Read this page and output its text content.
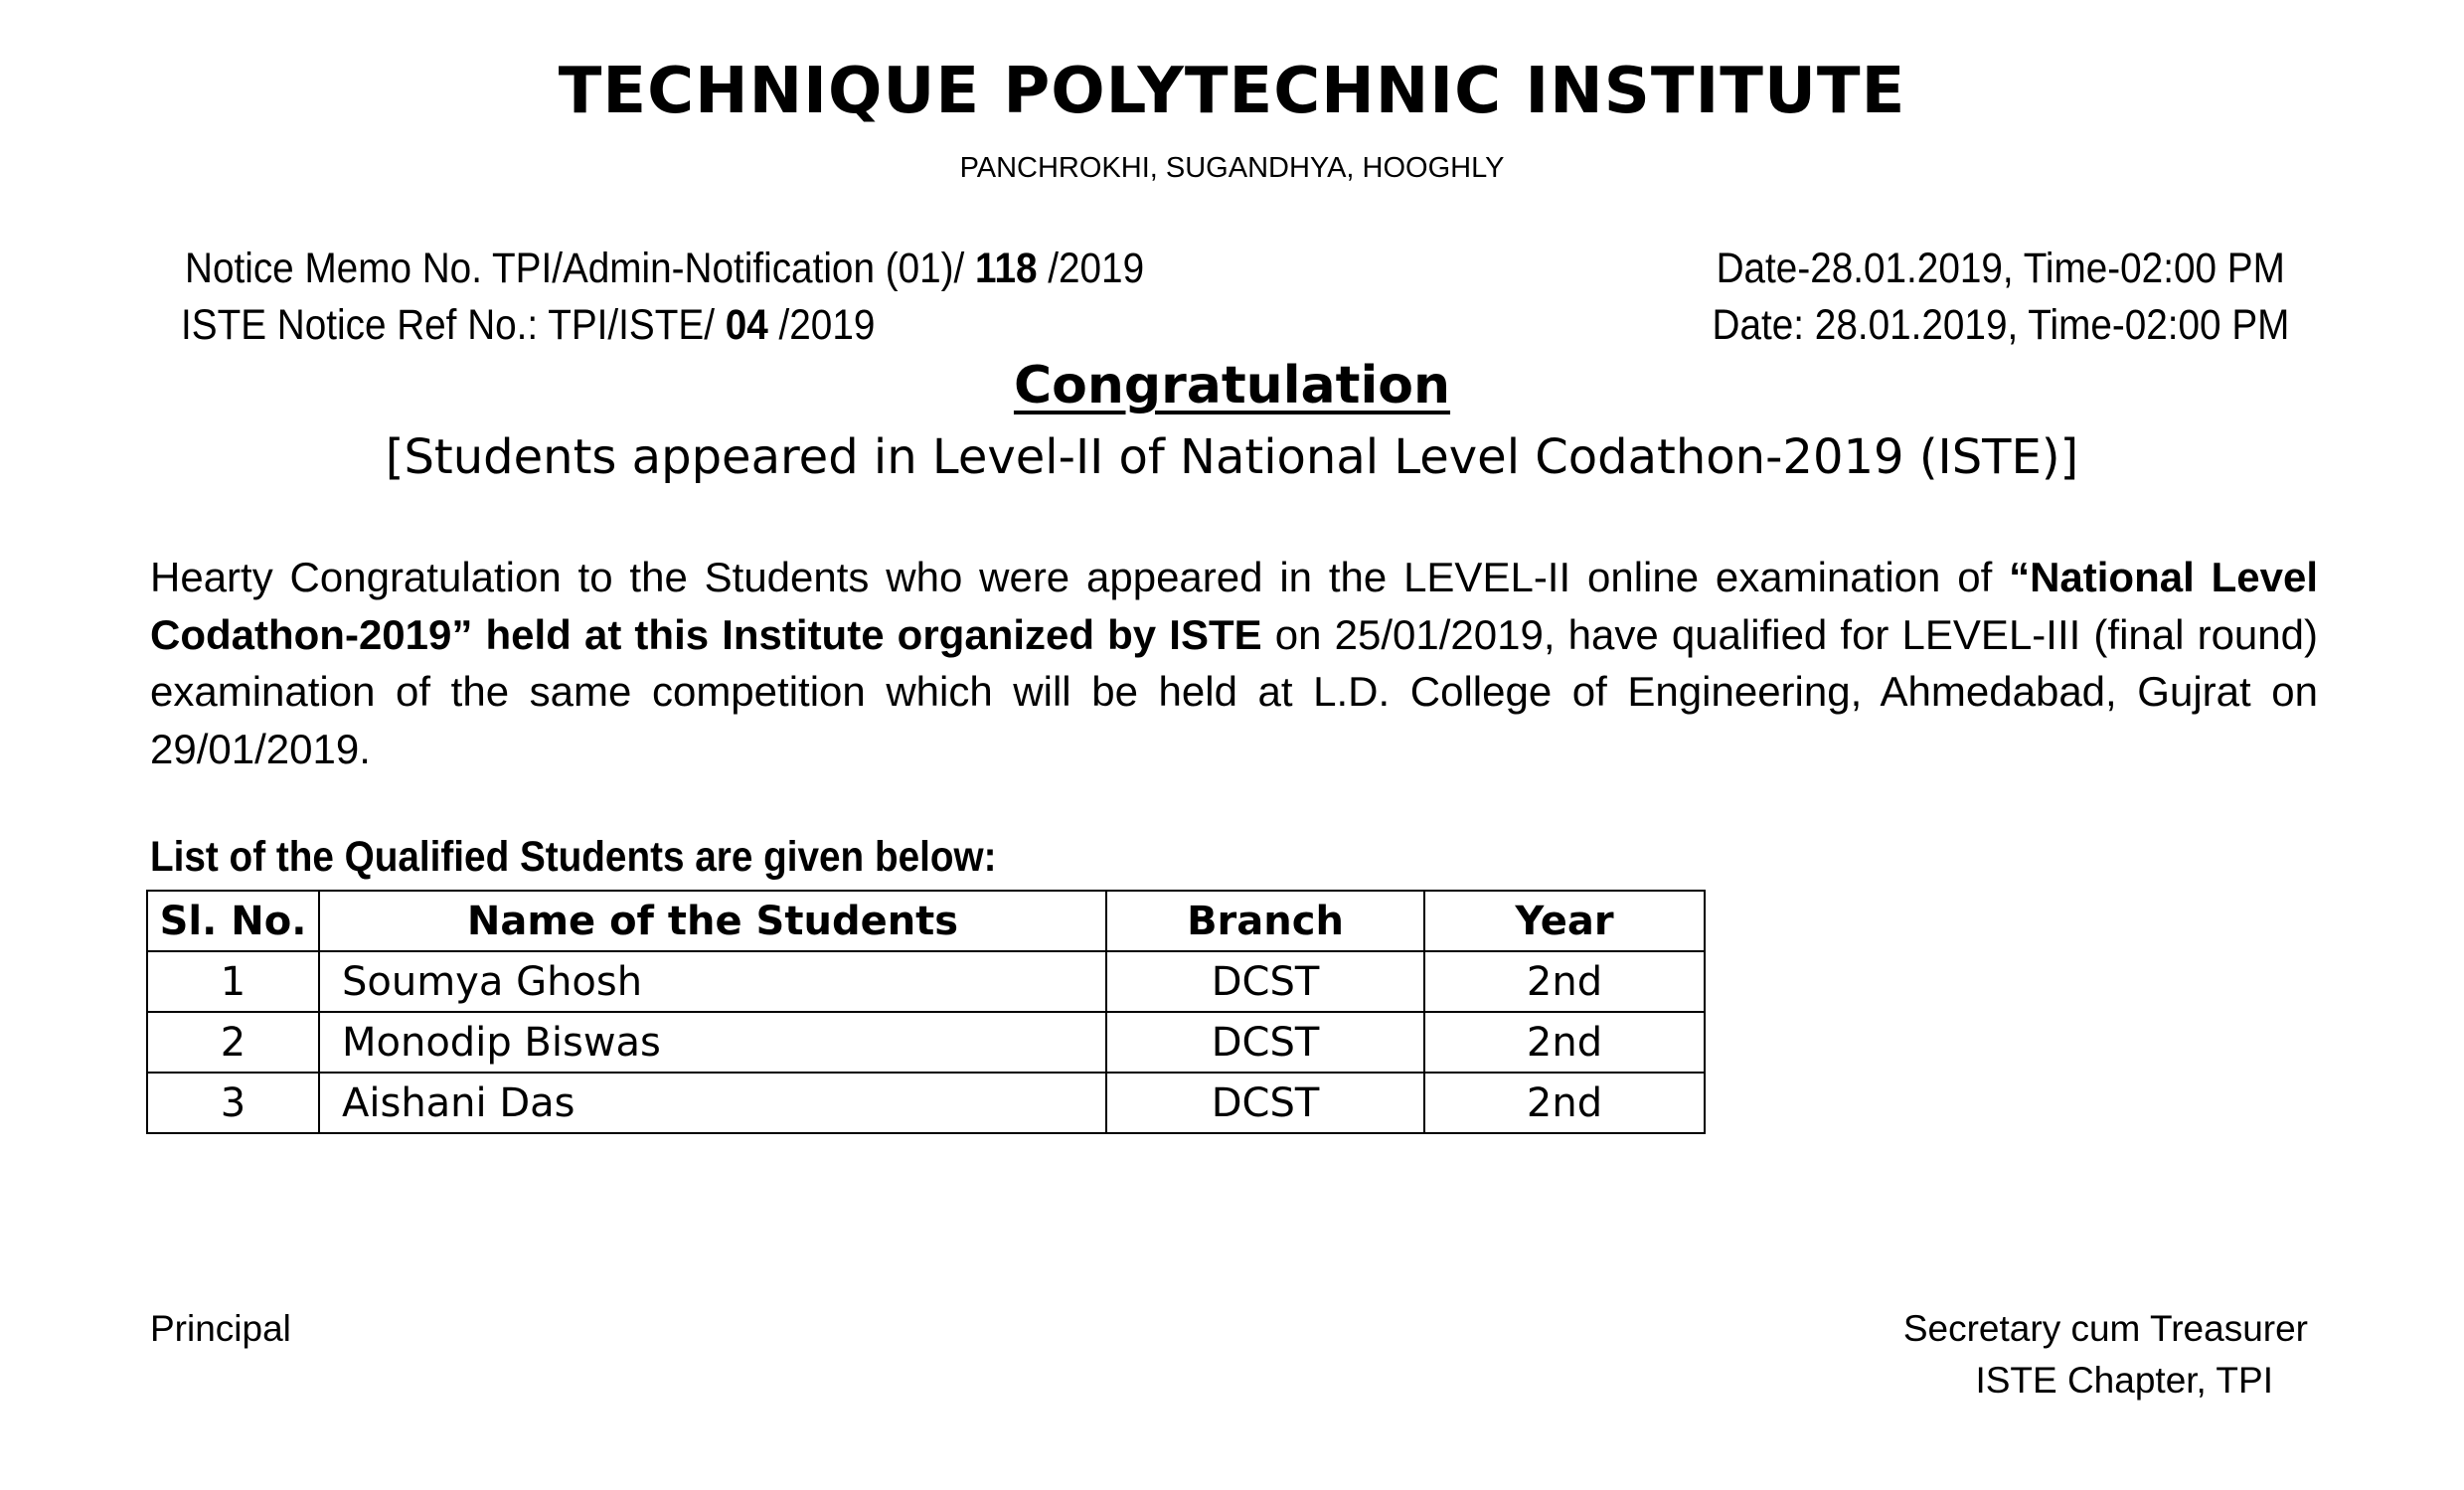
TECHNIQUE POLYTECHNIC INSTITUTE
PANCHROKHI, SUGANDHYA, HOOGHLY
Notice Memo No. TPI/Admin-Notification (01)/ 118 /2019
ISTE Notice Ref No.: TPI/ISTE/ 04 /2019
Date-28.01.2019, Time-02:00 PM
Date: 28.01.2019, Time-02:00 PM
Congratulation
[Students appeared in Level-II of National Level Codathon-2019 (ISTE)]
Hearty Congratulation to the Students who were appeared in the LEVEL-II online examination of “National Level Codathon-2019” held at this Institute organized by ISTE on 25/01/2019, have qualified for LEVEL-III (final round) examination of the same competition which will be held at L.D. College of Engineering, Ahmedabad, Gujrat on 29/01/2019.
List of the Qualified Students are given below:
Sl. No.	Name of the Students	Branch	Year
1	Soumya Ghosh	DCST	2nd
2	Monodip Biswas	DCST	2nd
3	Aishani Das	DCST	2nd
Principal	Secretary cum Treasurer
ISTE Chapter, TPI
